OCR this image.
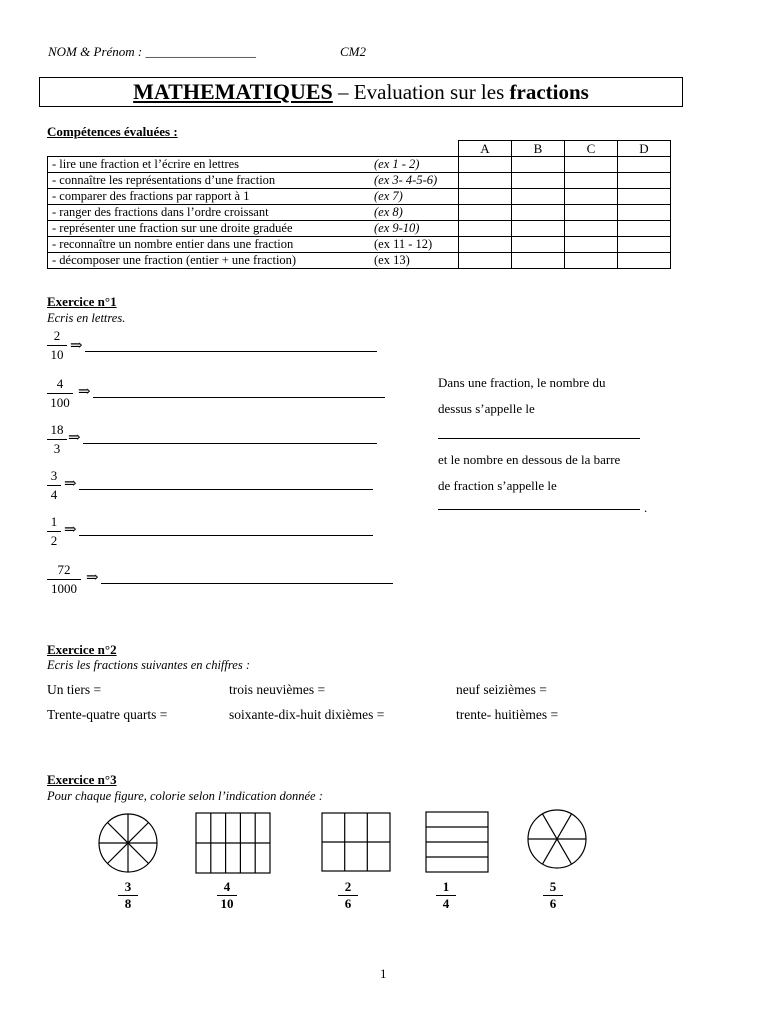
NOM & Prénom : _________________	CM2
MATHEMATIQUES – Evaluation sur les fractions
Compétences évaluées :
		A	B	C	D
- lire une fraction et l’écrire en lettres	(ex 1 - 2)				
- connaître les représentations d’une fraction	(ex 3- 4-5-6)				
- comparer des fractions par rapport à 1	(ex 7)				
- ranger des fractions dans l’ordre croissant	(ex 8)				
- représenter une fraction sur une droite graduée	(ex 9-10)				
- reconnaître un nombre entier dans une fraction	(ex 11 - 12)				
- décomposer une fraction (entier + une fraction)	(ex 13)				
Exercice n°1
Ecris en lettres.
2
10
⇒
4
100
⇒
18
3
⇒
3
4
⇒
1
2
⇒
72
1000
⇒
Dans une fraction, le nombre du
dessus s’appelle le
et le nombre en dessous de la barre
de fraction s’appelle le
.
Exercice n°2
Ecris les fractions suivantes en chiffres :
Un tiers =	trois neuvièmes =	neuf seizièmes =
Trente-quatre quarts =	soixante-dix-huit dixièmes =	trente- huitièmes =
Exercice n°3
Pour chaque figure, colorie selon l’indication donnée :
3
8
4
10
2
6
1
4
5
6
1
